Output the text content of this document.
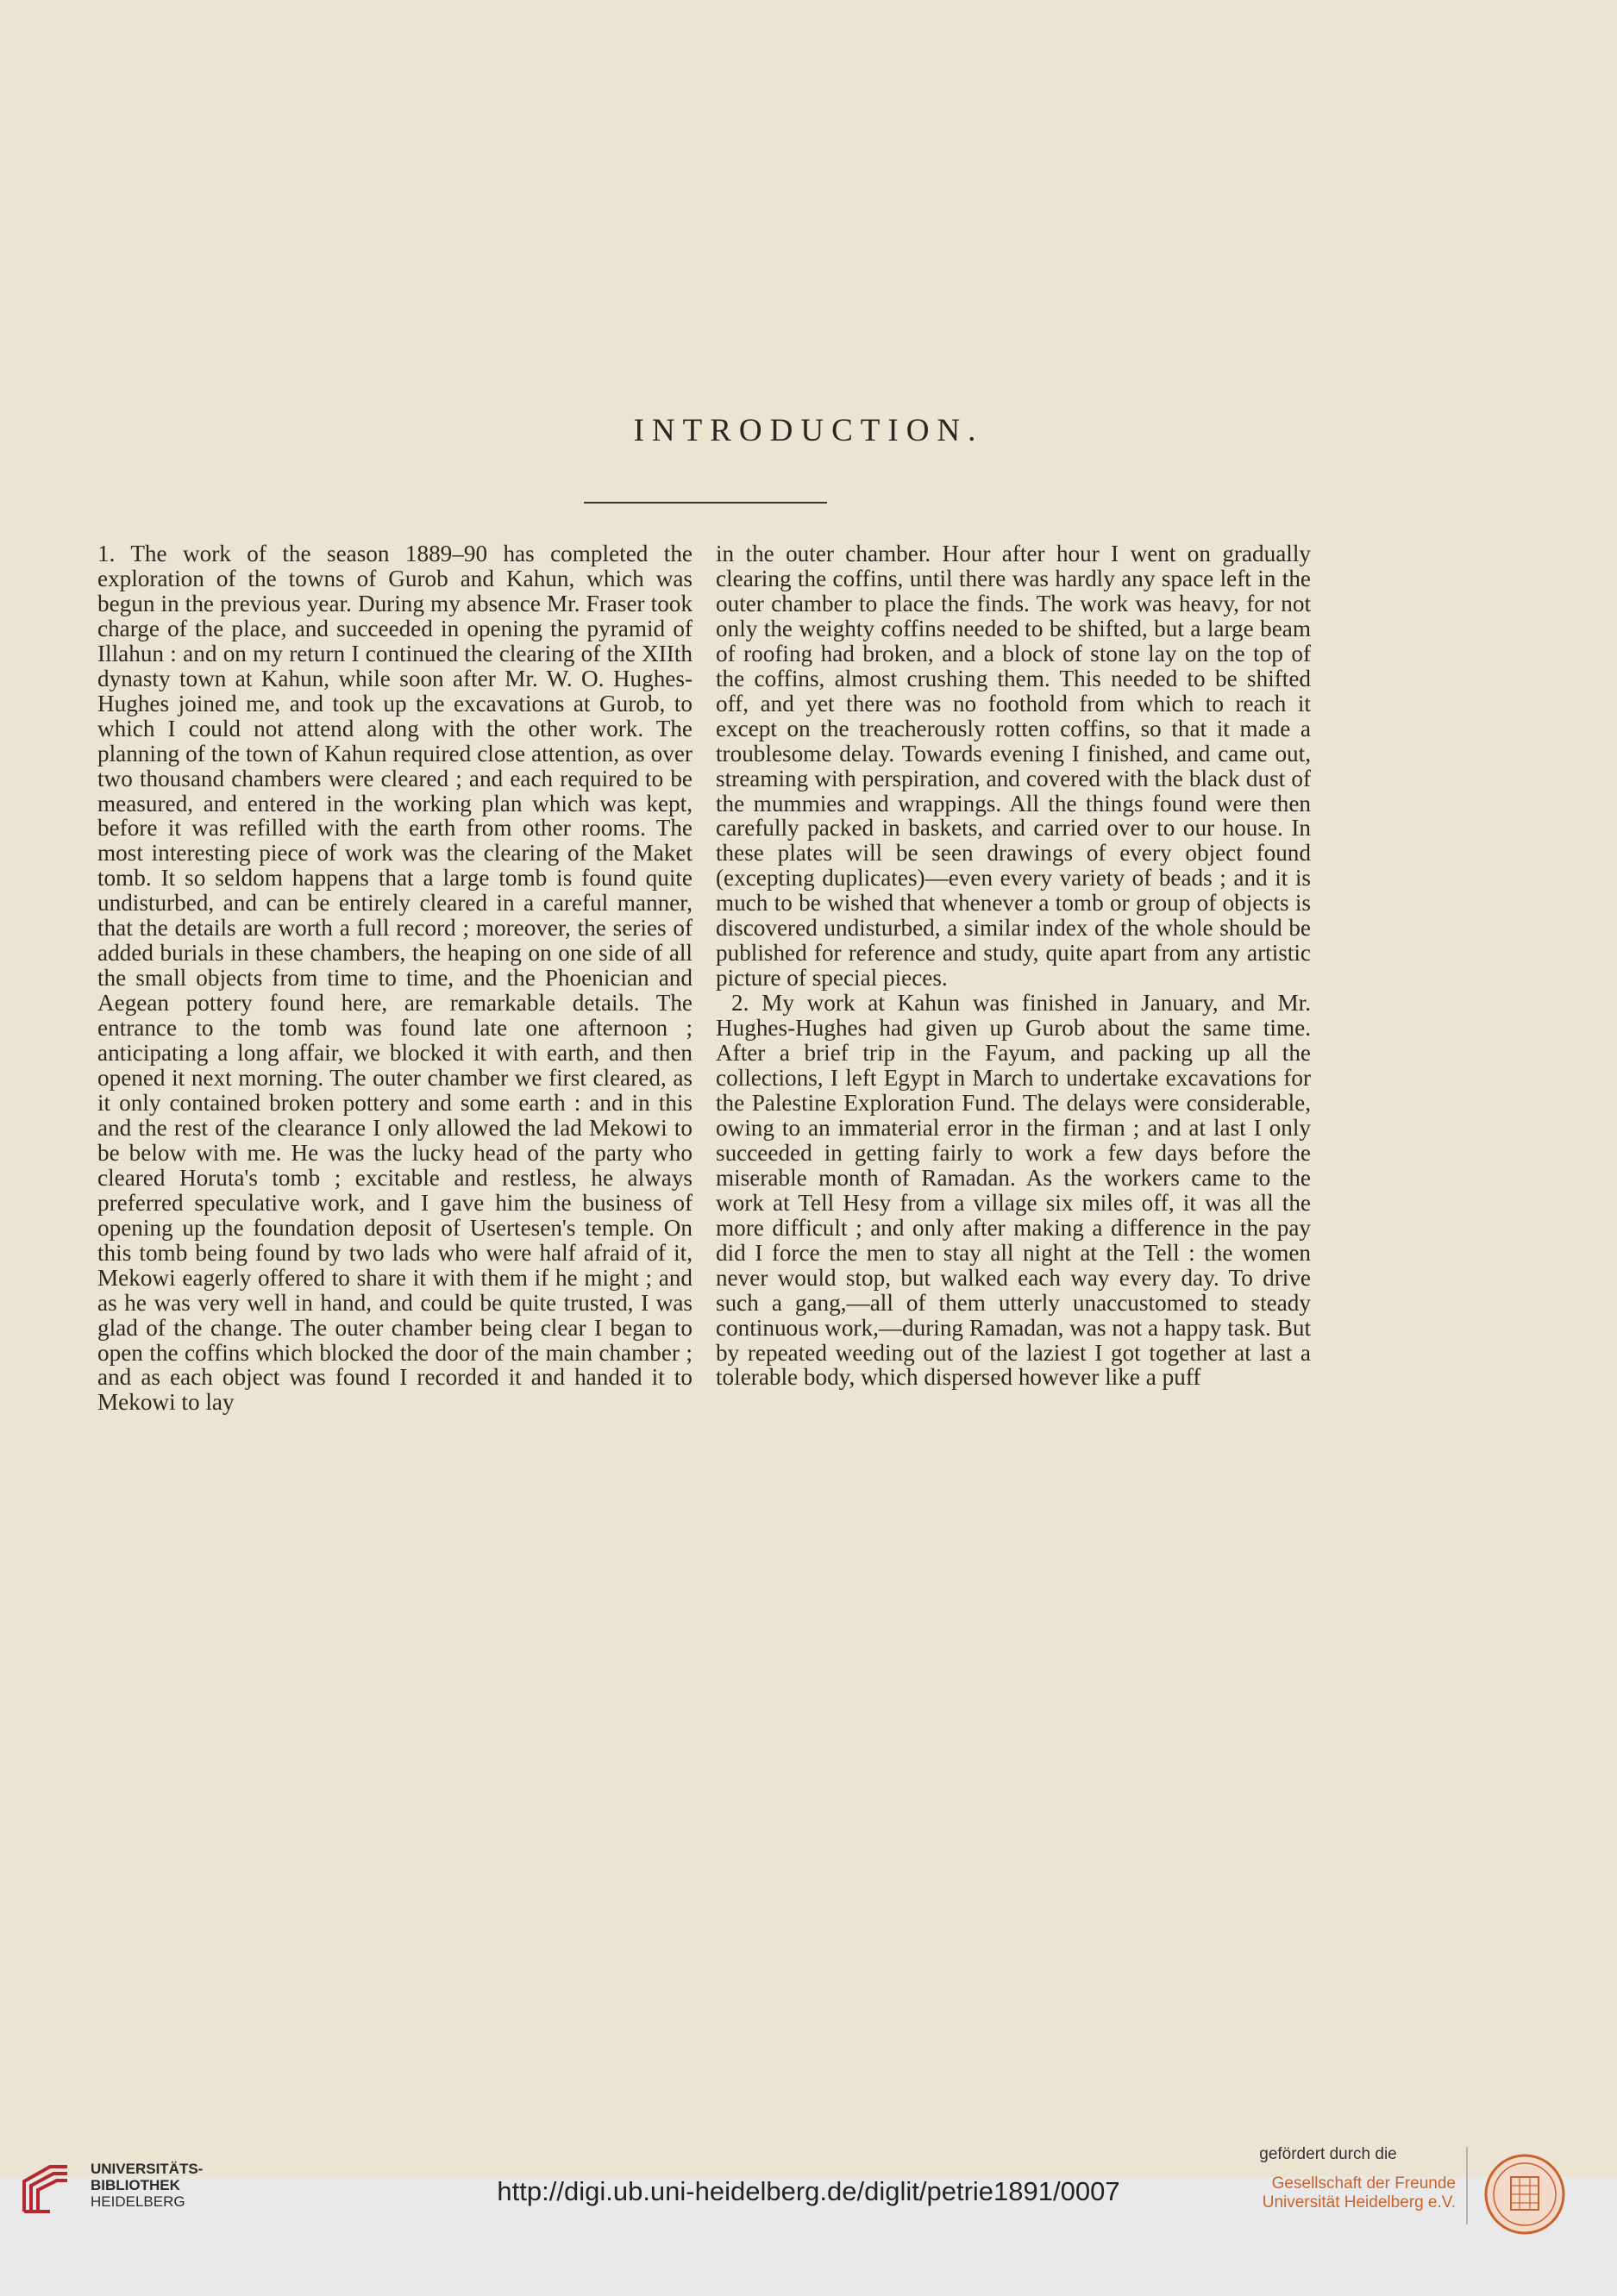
INTRODUCTION.

1. The work of the season 1889–90 has completed the exploration of the towns of Gurob and Kahun, which was begun in the previous year. During my absence Mr. Fraser took charge of the place, and succeeded in opening the pyramid of Illahun : and on my return I continued the clearing of the XIIth dynasty town at Kahun, while soon after Mr. W. O. Hughes-Hughes joined me, and took up the excavations at Gurob, to which I could not attend along with the other work. The planning of the town of Kahun required close attention, as over two thousand chambers were cleared ; and each required to be measured, and entered in the working plan which was kept, before it was refilled with the earth from other rooms. The most interesting piece of work was the clearing of the Maket tomb. It so seldom happens that a large tomb is found quite undisturbed, and can be entirely cleared in a careful manner, that the details are worth a full record ; moreover, the series of added burials in these chambers, the heaping on one side of all the small objects from time to time, and the Phoenician and Aegean pottery found here, are remarkable details. The entrance to the tomb was found late one afternoon ; anticipating a long affair, we blocked it with earth, and then opened it next morning. The outer chamber we first cleared, as it only contained broken pottery and some earth : and in this and the rest of the clearance I only allowed the lad Mekowi to be below with me. He was the lucky head of the party who cleared Horuta's tomb ; excitable and restless, he always preferred speculative work, and I gave him the business of opening up the foundation deposit of Usertesen's temple. On this tomb being found by two lads who were half afraid of it, Mekowi eagerly offered to share it with them if he might ; and as he was very well in hand, and could be quite trusted, I was glad of the change. The outer chamber being clear I began to open the coffins which blocked the door of the main chamber ; and as each object was found I recorded it and handed it to Mekowi to lay

in the outer chamber. Hour after hour I went on gradually clearing the coffins, until there was hardly any space left in the outer chamber to place the finds. The work was heavy, for not only the weighty coffins needed to be shifted, but a large beam of roofing had broken, and a block of stone lay on the top of the coffins, almost crushing them. This needed to be shifted off, and yet there was no foothold from which to reach it except on the treacherously rotten coffins, so that it made a troublesome delay. Towards evening I finished, and came out, streaming with perspiration, and covered with the black dust of the mummies and wrappings. All the things found were then carefully packed in baskets, and carried over to our house. In these plates will be seen drawings of every object found (excepting duplicates)—even every variety of beads ; and it is much to be wished that whenever a tomb or group of objects is discovered undisturbed, a similar index of the whole should be published for reference and study, quite apart from any artistic picture of special pieces.

2. My work at Kahun was finished in January, and Mr. Hughes-Hughes had given up Gurob about the same time. After a brief trip in the Fayum, and packing up all the collections, I left Egypt in March to undertake excavations for the Palestine Exploration Fund. The delays were considerable, owing to an immaterial error in the firman ; and at last I only succeeded in getting fairly to work a few days before the miserable month of Ramadan. As the workers came to the work at Tell Hesy from a village six miles off, it was all the more difficult ; and only after making a difference in the pay did I force the men to stay all night at the Tell : the women never would stop, but walked each way every day. To drive such a gang,—all of them utterly unaccustomed to steady continuous work,—during Ramadan, was not a happy task. But by repeated weeding out of the laziest I got together at last a tolerable body, which dispersed however like a puff

UNIVERSITÄTS-
BIBLIOTHEK
HEIDELBERG	http://digi.ub.uni-heidelberg.de/diglit/petrie1891/0007
gefördert durch die
Gesellschaft der Freunde
Universität Heidelberg e.V.
